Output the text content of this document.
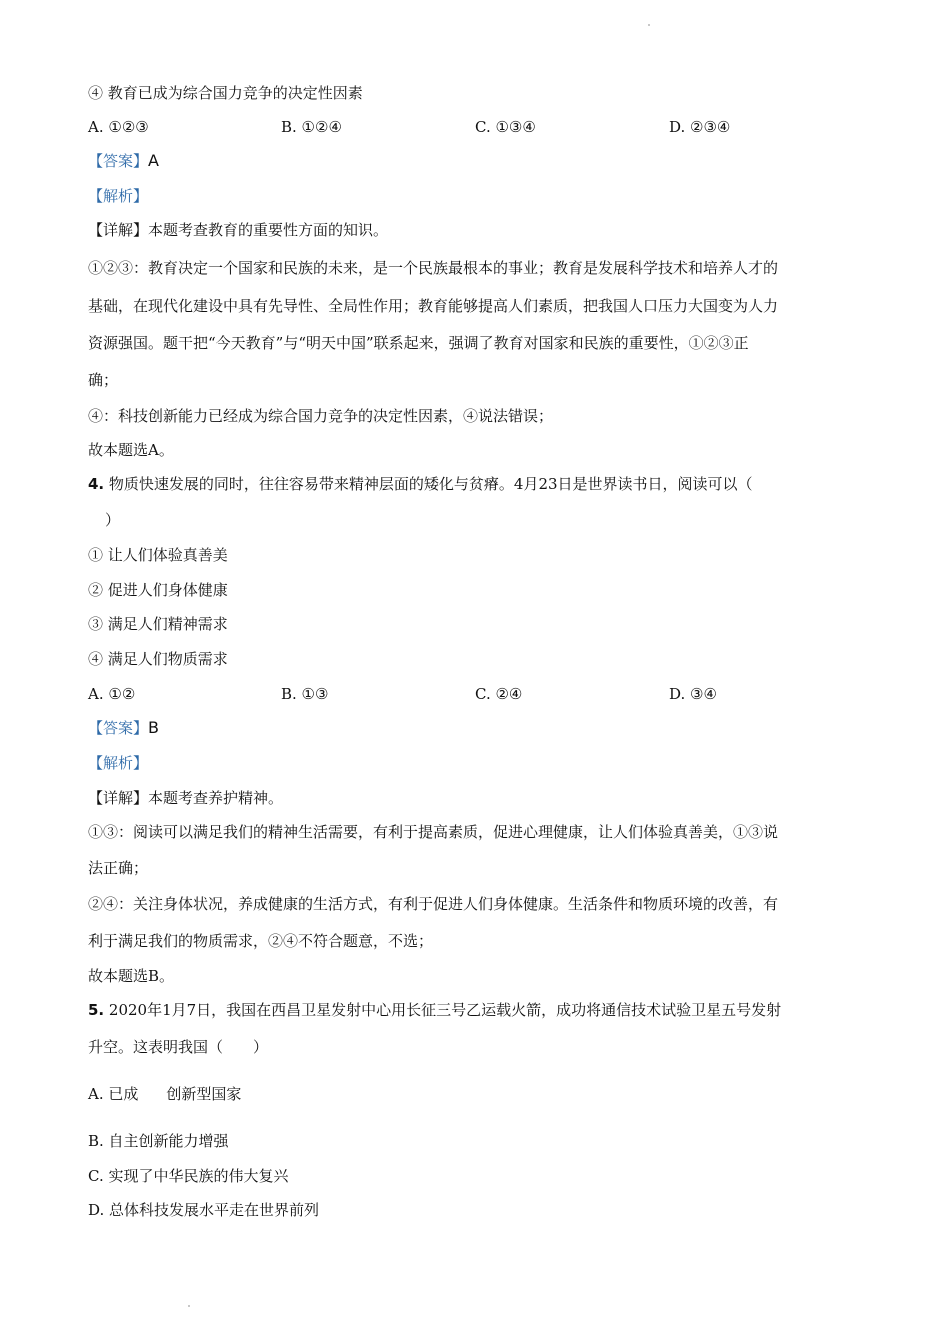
④ 教育已成为综合国力竞争的决定性因素
A. ①②③	B. ①②④	C. ①③④	D. ②③④
【答案】A
【解析】
【详解】本题考查教育的重要性方面的知识。
①②③：教育决定一个国家和民族的未来，是一个民族最根本的事业；教育是发展科学技术和培养人才的
基础，在现代化建设中具有先导性、全局性作用；教育能够提高人们素质，把我国人口压力大国变为人力
资源强国。题干把“今天教育”与“明天中国”联系起来，强调了教育对国家和民族的重要性，①②③正
确；
④：科技创新能力已经成为综合国力竞争的决定性因素，④说法错误；
故本题选A。
4. 物质快速发展的同时，往往容易带来精神层面的矮化与贫瘠。4月23日是世界读书日，阅读可以（
）
① 让人们体验真善美
② 促进人们身体健康
③ 满足人们精神需求
④ 满足人们物质需求
A. ①②	B. ①③	C. ②④	D. ③④
【答案】B
【解析】
【详解】本题考查养护精神。
①③：阅读可以满足我们的精神生活需要，有利于提高素质，促进心理健康，让人们体验真善美，①③说
法正确；
②④：关注身体状况，养成健康的生活方式，有利于促进人们身体健康。生活条件和物质环境的改善，有
利于满足我们的物质需求，②④不符合题意，不选；
故本题选B。
5. 2020年1月7日，我国在西昌卫星发射中心用长征三号乙运载火箭，成功将通信技术试验卫星五号发射
升空。这表明我国（　　）
A. 已成 创新型国家
B. 自主创新能力增强
C. 实现了中华民族的伟大复兴
D. 总体科技发展水平走在世界前列
